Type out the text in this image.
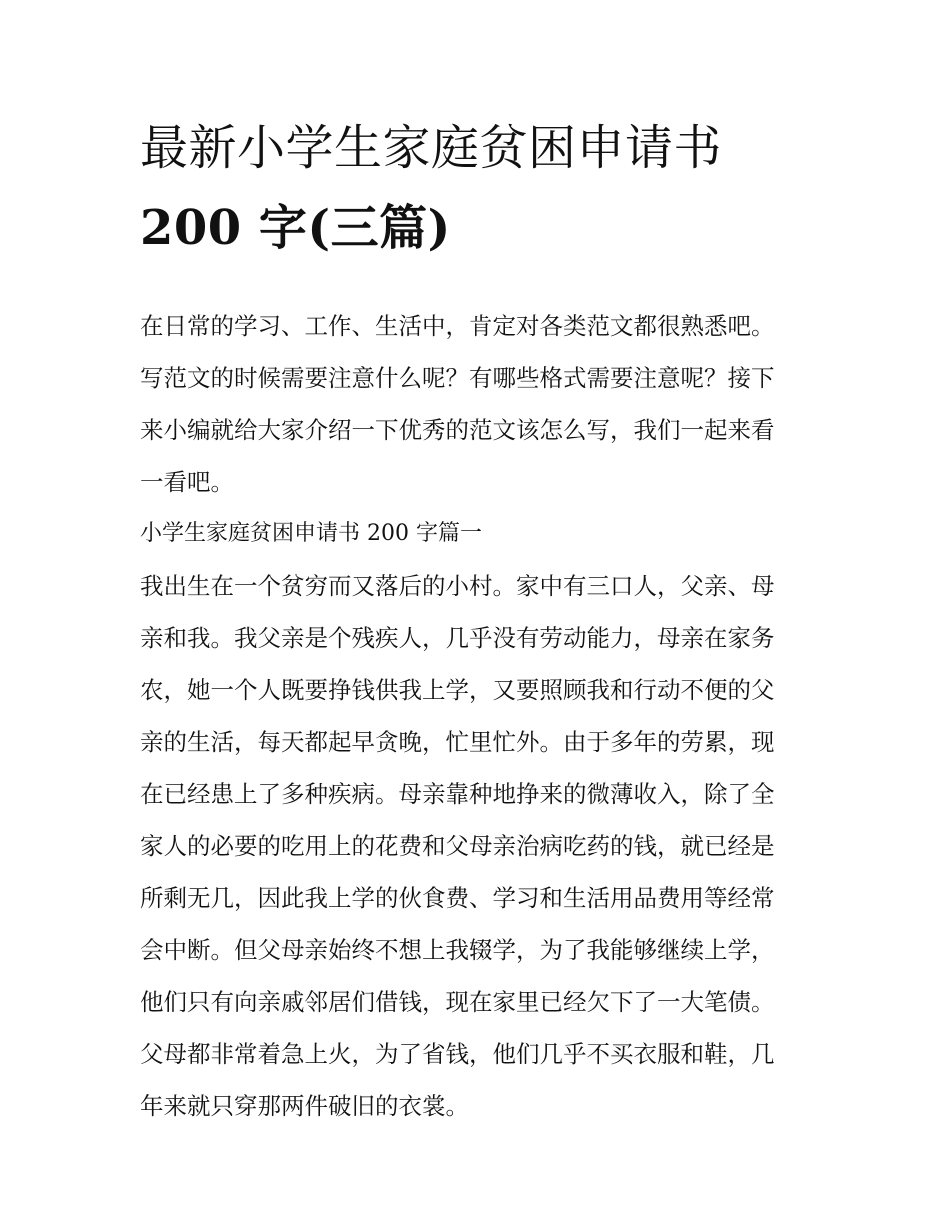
最新小学生家庭贫困申请书
200 字(三篇)

在日常的学习、工作、生活中，肯定对各类范文都很熟悉吧。
写范文的时候需要注意什么呢？有哪些格式需要注意呢？接下
来小编就给大家介绍一下优秀的范文该怎么写，我们一起来看
一看吧。

小学生家庭贫困申请书 200 字篇一

我出生在一个贫穷而又落后的小村。家中有三口人，父亲、母
亲和我。我父亲是个残疾人，几乎没有劳动能力，母亲在家务
农，她一个人既要挣钱供我上学，又要照顾我和行动不便的父
亲的生活，每天都起早贪晚，忙里忙外。由于多年的劳累，现
在已经患上了多种疾病。母亲靠种地挣来的微薄收入，除了全
家人的必要的吃用上的花费和父母亲治病吃药的钱，就已经是
所剩无几，因此我上学的伙食费、学习和生活用品费用等经常
会中断。但父母亲始终不想上我辍学，为了我能够继续上学，
他们只有向亲戚邻居们借钱，现在家里已经欠下了一大笔债。
父母都非常着急上火，为了省钱，他们几乎不买衣服和鞋，几
年来就只穿那两件破旧的衣裳。
